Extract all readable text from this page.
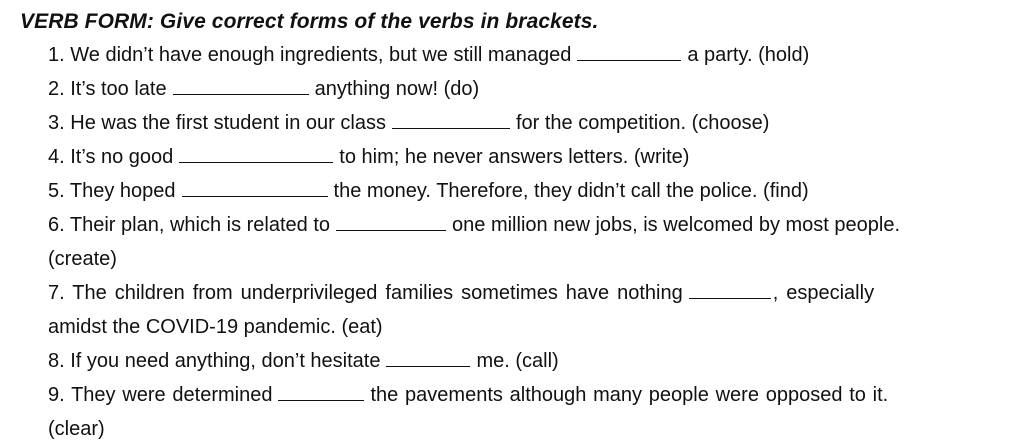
VERB FORM: Give correct forms of the verbs in brackets.
1. We didn’t have enough ingredients, but we still managed	a party. (hold)
2. It’s too late	anything now! (do)
3. He was the first student in our class	for the competition. (choose)
4. It’s no good	to him; he never answers letters. (write)
5. They hoped	the money. Therefore, they didn’t call the police. (find)
6. Their plan, which is related to	one million new jobs, is welcomed by most people.
(create)
7. The children from underprivileged families sometimes have nothing	, especially
amidst the COVID-19 pandemic. (eat)
8. If you need anything, don’t hesitate	me. (call)
9. They were determined	the pavements although many people were opposed to it.
(clear)
